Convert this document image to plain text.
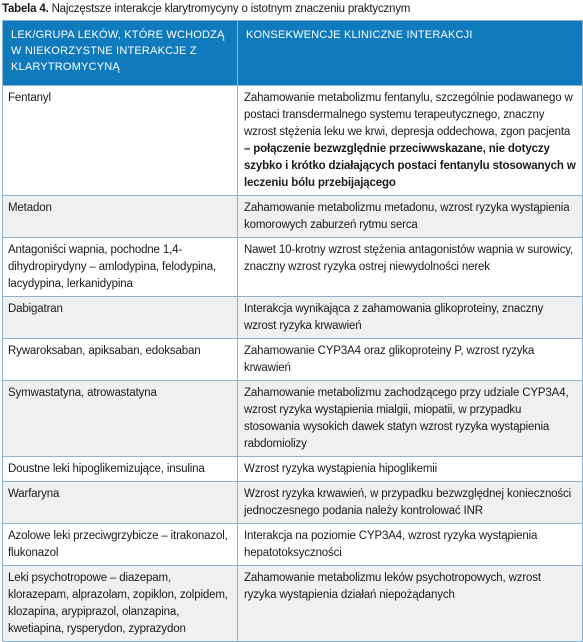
Tabela 4. Najczęstsze interakcje klarytromycyny o istotnym znaczeniu praktycznym
LEK/GRUPA LEKÓW, KTÓRE WCHODZĄ W NIEKORZYSTNE INTERAKCJE Z KLARYTROMYCYNĄ	KONSEKWENCJE KLINICZNE INTERAKCJI
Fentanyl	Zahamowanie metabolizmu fentanylu, szczególnie podawanego w postaci transdermalnego systemu terapeutycznego, znaczny wzrost stężenia leku we krwi, depresja oddechowa, zgon pacjenta – połączenie bezwzględnie przeciwwskazane, nie dotyczy szybko i krótko działających postaci fentanylu stosowanych w leczeniu bólu przebijającego
Metadon	Zahamowanie metabolizmu metadonu, wzrost ryzyka wystąpienia komorowych zaburzeń rytmu serca
Antagoniści wapnia, pochodne 1,4-dihydropirydyny – amlodypina, felodypina, lacydypina, lerkanidypina	Nawet 10-krotny wzrost stężenia antagonistów wapnia w surowicy, znaczny wzrost ryzyka ostrej niewydolności nerek
Dabigatran	Interakcja wynikająca z zahamowania glikoproteiny, znaczny wzrost ryzyka krwawień
Rywaroksaban, apiksaban, edoksaban	Zahamowanie CYP3A4 oraz glikoproteiny P, wzrost ryzyka krwawień
Symwastatyna, atrowastatyna	Zahamowanie metabolizmu zachodzącego przy udziale CYP3A4, wzrost ryzyka wystąpienia mialgii, miopatii, w przypadku stosowania wysokich dawek statyn wzrost ryzyka wystąpienia rabdomiolizy
Doustne leki hipoglikemizujące, insulina	Wzrost ryzyka wystąpienia hipoglikemii
Warfaryna	Wzrost ryzyka krwawień, w przypadku bezwzględnej konieczności jednoczesnego podania należy kontrolować INR
Azolowe leki przeciwgrzybicze – itrakonazol, flukonazol	Interakcja na poziomie CYP3A4, wzrost ryzyka wystąpienia hepatotoksyczności
Leki psychotropowe – diazepam, klorazepam, alprazolam, zopiklon, zolpidem, klozapina, arypiprazol, olanzapina, kwetiapina, rysperydon, zyprazydon	Zahamowanie metabolizmu leków psychotropowych, wzrost ryzyka wystąpienia działań niepożądanych
